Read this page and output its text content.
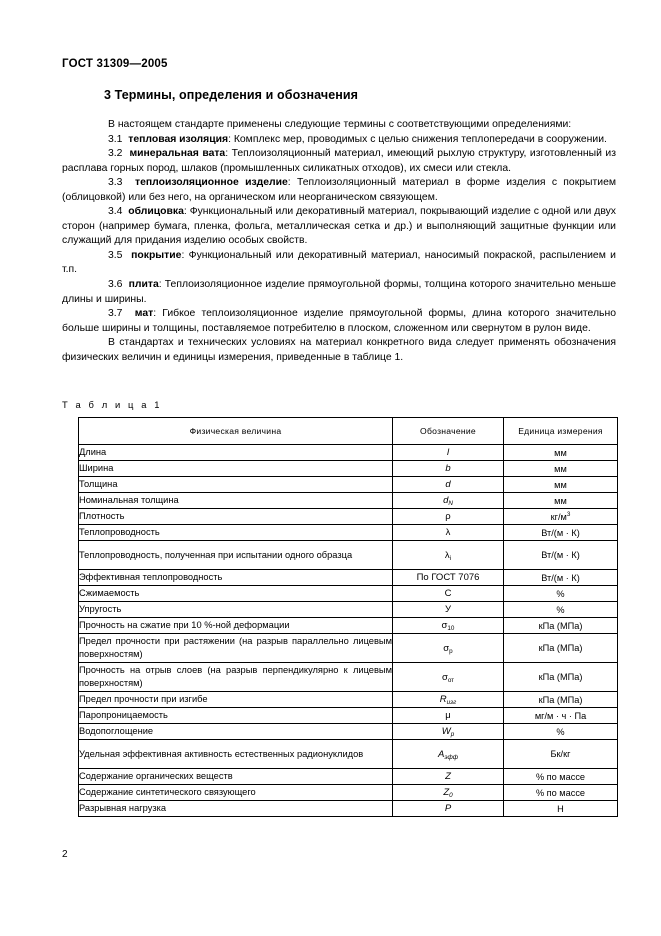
ГОСТ 31309—2005
3 Термины, определения и обозначения

В настоящем стандарте применены следующие термины с соответствующими определениями:

3.1 тепловая изоляция: Комплекс мер, проводимых с целью снижения теплопередачи в сооружении.

3.2 минеральная вата: Теплоизоляционный материал, имеющий рыхлую структуру, изготовленный из расплава горных пород, шлаков (промышленных силикатных отходов), их смеси или стекла.

3.3 теплоизоляционное изделие: Теплоизоляционный материал в форме изделия с покрытием (облицовкой) или без него, на органическом или неорганическом связующем.

3.4 облицовка: Функциональный или декоративный материал, покрывающий изделие с одной или двух сторон (например бумага, пленка, фольга, металлическая сетка и др.) и выполняющий защитные функции или служащий для придания изделию особых свойств.

3.5 покрытие: Функциональный или декоративный материал, наносимый покраской, распылением и т.п.

3.6 плита: Теплоизоляционное изделие прямоугольной формы, толщина которого значительно меньше длины и ширины.

3.7 мат: Гибкое теплоизоляционное изделие прямоугольной формы, длина которого значительно больше ширины и толщины, поставляемое потребителю в плоском, сложенном или свернутом в рулон виде.

В стандартах и технических условиях на материал конкретного вида следует применять обозначения физических величин и единицы измерения, приведенные в таблице 1.

Т а б л и ц а 1
Физическая величина	Обозначение	Единица измерения
Длина	l	мм
Ширина	b	мм
Толщина	d	мм
Номинальная толщина	$d_N$	мм
Плотность	ρ	$кг/м^3$
Теплопроводность	λ	Вт/(м · К)
Теплопроводность, полученная при испытании одного образца	$\lambda_i$	Вт/(м · К)
Эффективная теплопроводность	По ГОСТ 7076	Вт/(м · К)
Сжимаемость	С	%
Упругость	У	%
Прочность на сжатие при 10 %-ной деформации	$\sigma_{10}$	кПа (МПа)
Предел прочности при растяжении (на разрыв параллельно лицевым поверхностям)	$\sigma_p$	кПа (МПа)
Прочность на отрыв слоев (на разрыв перпендикулярно к лицевым поверхностям)	$\sigma_{от}$	кПа (МПа)
Предел прочности при изгибе	$R_{изг}$	кПа (МПа)
Паропроницаемость	μ	мг/м · ч · Па
Водопоглощение	$W_p$	%
Удельная эффективная активность естественных радионуклидов	$A_{эфф}$	Бк/кг
Содержание органических веществ	Z	% по массе
Содержание синтетического связующего	$Z_0$	% по массе
Разрывная нагрузка	P	Н
2
